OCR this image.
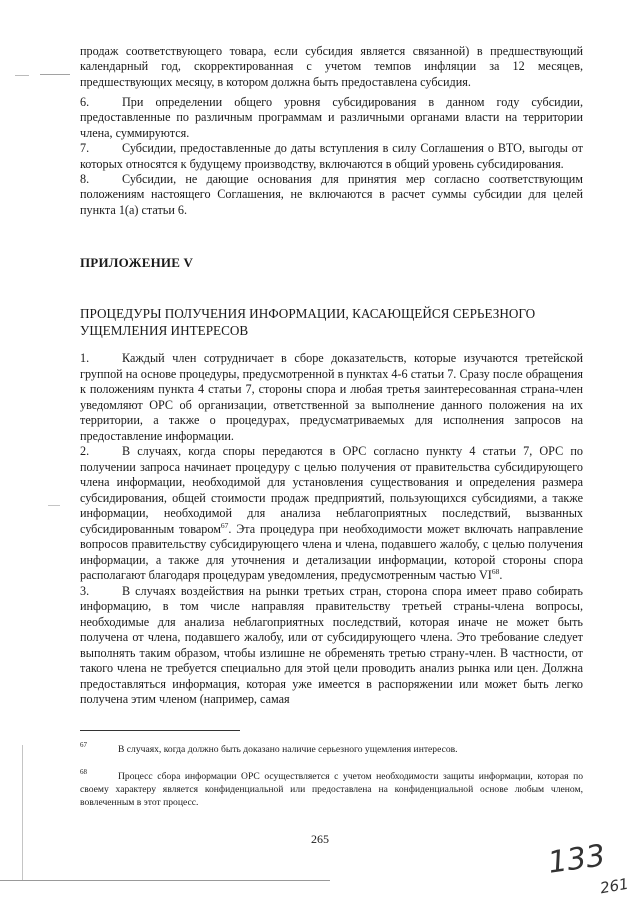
продаж соответствующего товара, если субсидия является связанной) в предшествующий календарный год, скорректированная с учетом темпов инфляции за 12 месяцев, предшествующих месяцу, в котором должна быть предоставлена субсидия.

6.	При определении общего уровня субсидирования в данном году субсидии, предоставленные по различным программам и различными органами власти на территории члена, суммируются.

7.	Субсидии, предоставленные до даты вступления в силу Соглашения о ВТО, выгоды от которых относятся к будущему производству, включаются в общий уровень субсидирования.

8.	Субсидии, не дающие основания для принятия мер согласно соответствующим положениям настоящего Соглашения, не включаются в расчет суммы субсидии для целей пункта 1(a) статьи 6.

ПРИЛОЖЕНИЕ V
ПРОЦЕДУРЫ ПОЛУЧЕНИЯ ИНФОРМАЦИИ, КАСАЮЩЕЙСЯ СЕРЬЕЗНОГО УЩЕМЛЕНИЯ ИНТЕРЕСОВ

1.	Каждый член сотрудничает в сборе доказательств, которые изучаются третейской группой на основе процедуры, предусмотренной в пунктах 4-6 статьи 7. Сразу после обращения к положениям пункта 4 статьи 7, стороны спора и любая третья заинтересованная страна-член уведомляют ОРС об организации, ответственной за выполнение данного положения на их территории, а также о процедурах, предусматриваемых для исполнения запросов на предоставление информации.

2.	В случаях, когда споры передаются в ОРС согласно пункту 4 статьи 7, ОРС по получении запроса начинает процедуру с целью получения от правительства субсидирующего члена информации, необходимой для установления существования и определения размера субсидирования, общей стоимости продаж предприятий, пользующихся субсидиями, а также информации, необходимой для анализа неблагоприятных последствий, вызванных субсидированным товаром$^{67}$. Эта процедура при необходимости может включать направление вопросов правительству субсидирующего члена и члена, подавшего жалобу, с целью получения информации, а также для уточнения и детализации информации, которой стороны спора располагают благодаря процедурам уведомления, предусмотренным частью VI$^{68}$.

3.	В случаях воздействия на рынки третьих стран, сторона спора имеет право собирать информацию, в том числе направляя правительству третьей страны-члена вопросы, необходимые для анализа неблагоприятных последствий, которая иначе не может быть получена от члена, подавшего жалобу, или от субсидирующего члена. Это требование следует выполнять таким образом, чтобы излишне не обременять третью страну-член. В частности, от такого члена не требуется специально для этой цели проводить анализ рынка или цен. Должна предоставляться информация, которая уже имеется в распоряжении или может быть легко получена этим членом (например, самая

67	В случаях, когда должно быть доказано наличие серьезного ущемления интересов.
68	Процесс сбора информации ОРС осуществляется с учетом необходимости защиты информации, которая по своему характеру является конфиденциальной или предоставлена на конфиденциальной основе любым членом, вовлеченным в этот процесс.
265	133
261
